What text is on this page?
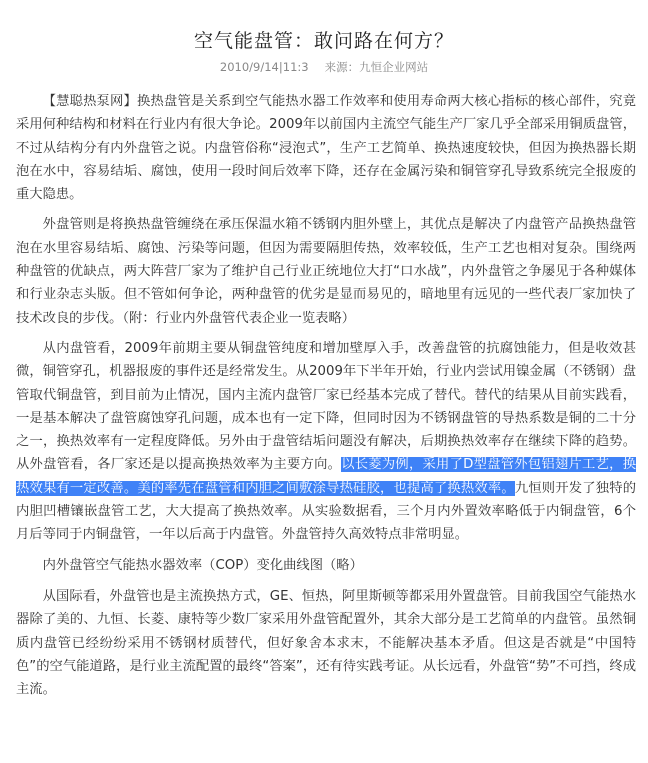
空气能盘管：敢问路在何方？
2010/9/14|11:3 来源：九恒企业网站

【慧聪热泵网】换热盘管是关系到空气能热水器工作效率和使用寿命两大核心指标的核心部件，究竟采用何种结构和材料在行业内有很大争论。2009年以前国内主流空气能生产厂家几乎全部采用铜质盘管，不过从结构分有内外盘管之说。内盘管俗称“浸泡式”，生产工艺简单、换热速度较快，但因为换热器长期泡在水中，容易结垢、腐蚀，使用一段时间后效率下降，还存在金属污染和铜管穿孔导致系统完全报废的重大隐患。

外盘管则是将换热盘管缠绕在承压保温水箱不锈钢内胆外壁上，其优点是解决了内盘管产品换热盘管泡在水里容易结垢、腐蚀、污染等问题，但因为需要隔胆传热，效率较低，生产工艺也相对复杂。围绕两种盘管的优缺点，两大阵营厂家为了维护自己行业正统地位大打“口水战”，内外盘管之争屡见于各种媒体和行业杂志头版。但不管如何争论，两种盘管的优劣是显而易见的，暗地里有远见的一些代表厂家加快了技术改良的步伐。（附：行业内外盘管代表企业一览表略）

从内盘管看，2009年前期主要从铜盘管纯度和增加壁厚入手，改善盘管的抗腐蚀能力，但是收效甚微，铜管穿孔，机器报废的事件还是经常发生。从2009年下半年开始，行业内尝试用镍金属（不锈钢）盘管取代铜盘管，到目前为止情况，国内主流内盘管厂家已经基本完成了替代。替代的结果从目前实践看，一是基本解决了盘管腐蚀穿孔问题，成本也有一定下降，但同时因为不锈钢盘管的导热系数是铜的二十分之一，换热效率有一定程度降低。另外由于盘管结垢问题没有解决，后期换热效率存在继续下降的趋势。从外盘管看，各厂家还是以提高换热效率为主要方向。以长菱为例，采用了D型盘管外包铝翅片工艺，换热效果有一定改善。美的率先在盘管和内胆之间敷涂导热硅胶，也提高了换热效率。九恒则开发了独特的内胆凹槽镶嵌盘管工艺，大大提高了换热效率。从实验数据看，三个月内外置效率略低于内铜盘管，6个月后等同于内铜盘管，一年以后高于内盘管。外盘管持久高效特点非常明显。

内外盘管空气能热水器效率（COP）变化曲线图（略）

从国际看，外盘管也是主流换热方式，GE、恒热，阿里斯顿等都采用外置盘管。目前我国空气能热水器除了美的、九恒、长菱、康特等少数厂家采用外盘管配置外，其余大部分是工艺简单的内盘管。虽然铜质内盘管已经纷纷采用不锈钢材质替代，但好象舍本求末，不能解决基本矛盾。但这是否就是“中国特色”的空气能道路，是行业主流配置的最终“答案”，还有待实践考证。从长远看，外盘管“势”不可挡，终成主流。
